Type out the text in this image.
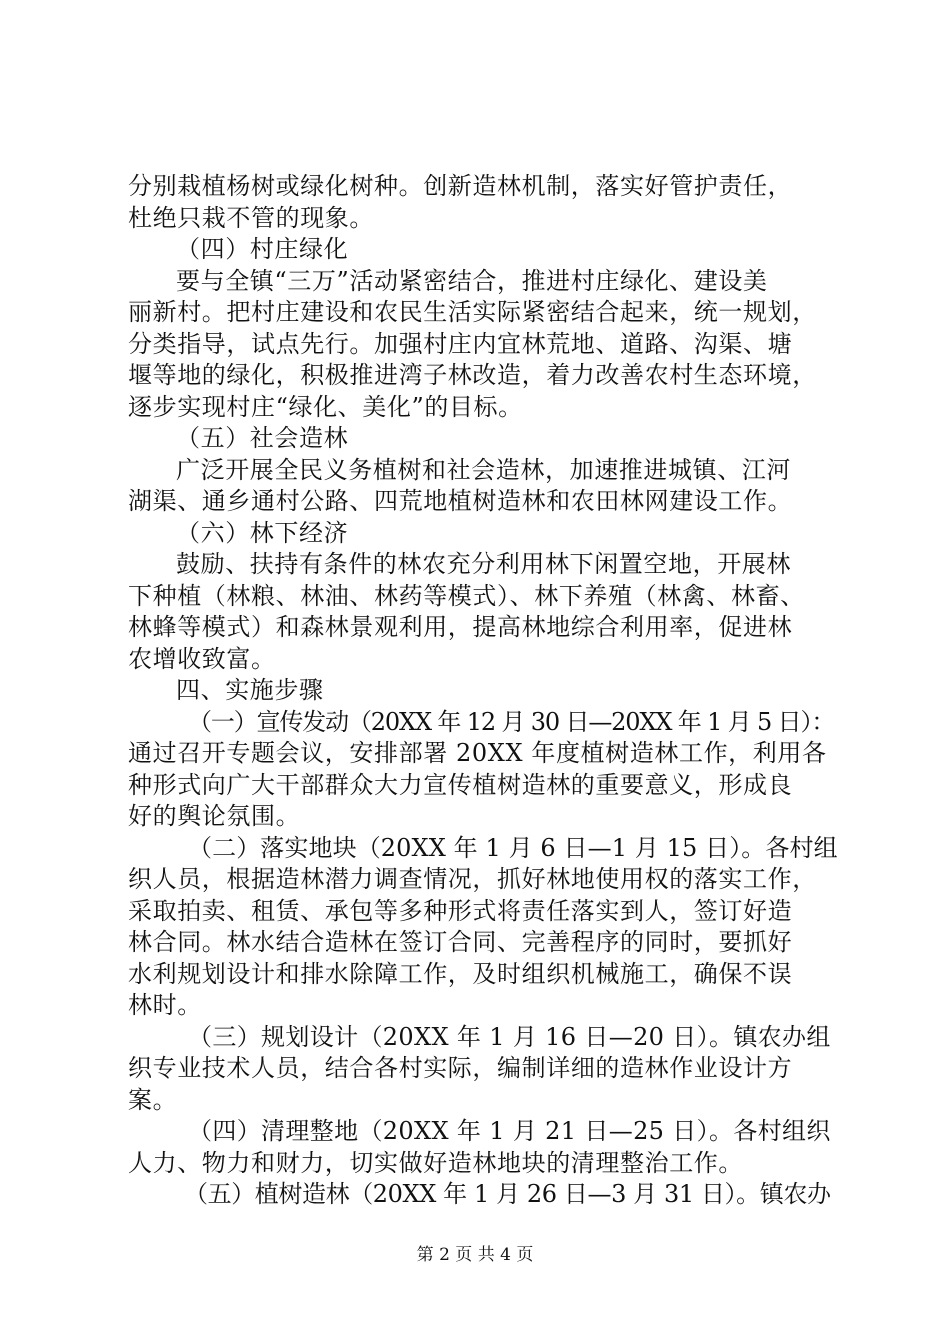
分别栽植杨树或绿化树种。创新造林机制，落实好管护责任，
杜绝只栽不管的现象。
（四）村庄绿化
要与全镇“三万”活动紧密结合，推进村庄绿化、建设美
丽新村。把村庄建设和农民生活实际紧密结合起来，统一规划，
分类指导，试点先行。加强村庄内宜林荒地、道路、沟渠、塘
堰等地的绿化，积极推进湾子林改造，着力改善农村生态环境，
逐步实现村庄“绿化、美化”的目标。
（五）社会造林
广泛开展全民义务植树和社会造林，加速推进城镇、江河
湖渠、通乡通村公路、四荒地植树造林和农田林网建设工作。
（六）林下经济
鼓励、扶持有条件的林农充分利用林下闲置空地，开展林
下种植（林粮、林油、林药等模式）、林下养殖（林禽、林畜、
林蜂等模式）和森林景观利用，提高林地综合利用率，促进林
农增收致富。
四、实施步骤
（一）宣传发动（20XX 年 12 月 30 日—20XX 年 1 月 5 日）：
通过召开专题会议，安排部署 20XX 年度植树造林工作，利用各
种形式向广大干部群众大力宣传植树造林的重要意义，形成良
好的舆论氛围。
（二）落实地块（20XX 年 1 月 6 日—1 月 15 日）。各村组
织人员，根据造林潜力调查情况，抓好林地使用权的落实工作，
采取拍卖、租赁、承包等多种形式将责任落实到人，签订好造
林合同。林水结合造林在签订合同、完善程序的同时，要抓好
水利规划设计和排水除障工作，及时组织机械施工，确保不误
林时。
（三）规划设计（20XX 年 1 月 16 日—20 日）。镇农办组
织专业技术人员，结合各村实际，编制详细的造林作业设计方
案。
（四）清理整地（20XX 年 1 月 21 日—25 日）。各村组织
人力、物力和财力，切实做好造林地块的清理整治工作。
（五）植树造林（20XX 年 1 月 26 日—3 月 31 日）。镇农办
第 2 页 共 4 页
